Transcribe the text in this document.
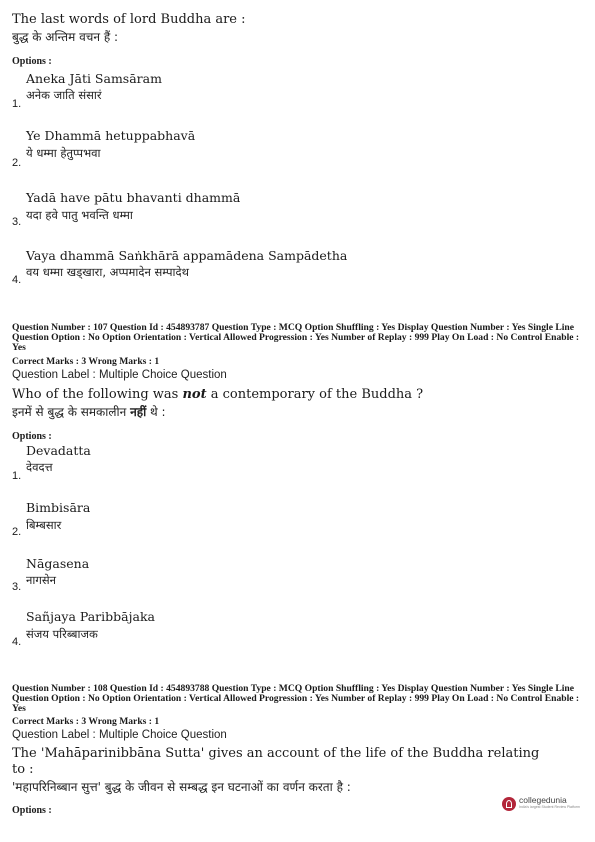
The last words of lord Buddha are :
बुद्ध के अन्तिम वचन हैं :
Options :
Aneka Jāti Samsāram
अनेक जाति संसारं
1.
Ye Dhammā hetuppabhavā
ये धम्मा हेतुप्पभवा
2.
Yadā have pātu bhavanti dhammā
यदा हवे पातु भवन्ति धम्मा
3.
Vaya dhammā Saṅkhārā appamādena Sampādetha
वय धम्मा खड्खारा, अप्पमादेन सम्पादेथ
4.
Question Number : 107 Question Id : 454893787 Question Type : MCQ Option Shuffling : Yes Display Question Number : Yes Single Line Question Option : No Option Orientation : Vertical Allowed Progression : Yes Number of Replay : 999 Play On Load : No Control Enable : Yes
Correct Marks : 3 Wrong Marks : 1
Question Label : Multiple Choice Question
Who of the following was not a contemporary of the Buddha ?
इनमें से बुद्ध के समकालीन नहीं थे :
Options :
Devadatta
देवदत्त
1.
Bimbisāra
बिम्बसार
2.
Nāgasena
नागसेन
3.
Sañjaya Paribbājaka
संजय परिब्बाजक
4.
Question Number : 108 Question Id : 454893788 Question Type : MCQ Option Shuffling : Yes Display Question Number : Yes Single Line Question Option : No Option Orientation : Vertical Allowed Progression : Yes Number of Replay : 999 Play On Load : No Control Enable : Yes
Correct Marks : 3 Wrong Marks : 1
Question Label : Multiple Choice Question
The 'Mahāparinibbāna Sutta' gives an account of the life of the Buddha relating
to :
'महापरिनिब्बान सुत्त' बुद्ध के जीवन से सम्बद्ध इन घटनाओं का वर्णन करता है :
Options :
collegedunia
India's largest Student Review Platform
